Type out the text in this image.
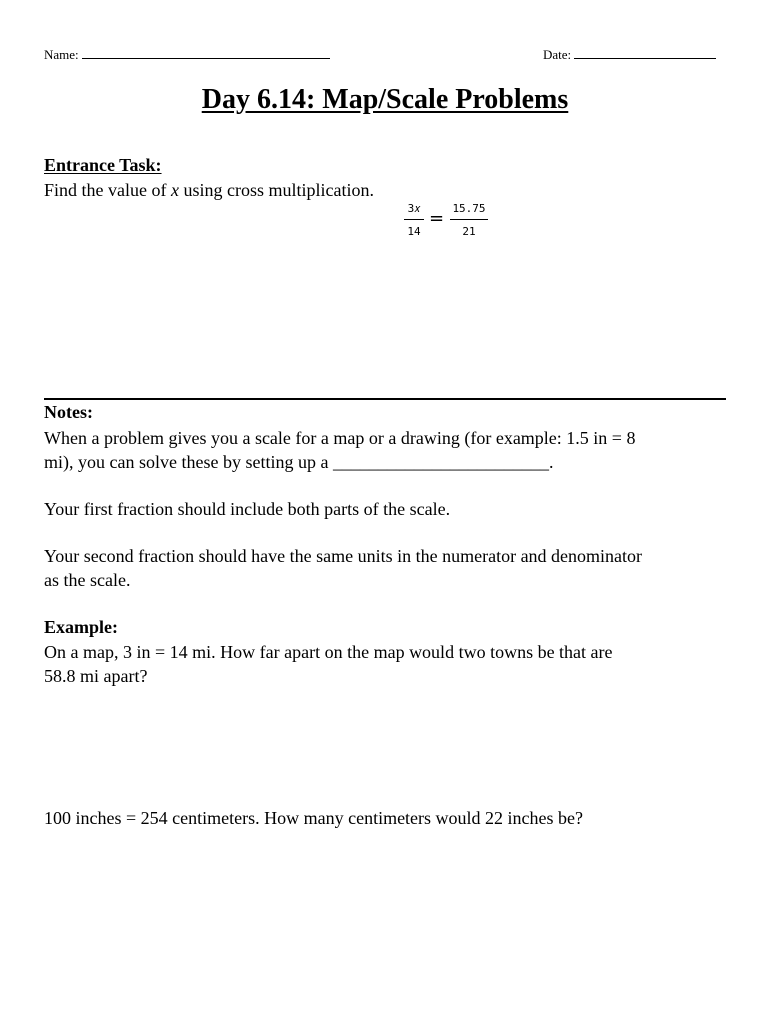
Name:	Date:
Day 6.14: Map/Scale Problems
Entrance Task:
Find the value of x using cross multiplication.
3𝑥
14
= 15.75
21
Notes:
When a problem gives you a scale for a map or a drawing (for example: 1.5 in = 8
mi), you can solve these by setting up a ________________________.
Your first fraction should include both parts of the scale.
Your second fraction should have the same units in the numerator and denominator
as the scale.
Example:
On a map, 3 in = 14 mi. How far apart on the map would two towns be that are
58.8 mi apart?
100 inches = 254 centimeters. How many centimeters would 22 inches be?
